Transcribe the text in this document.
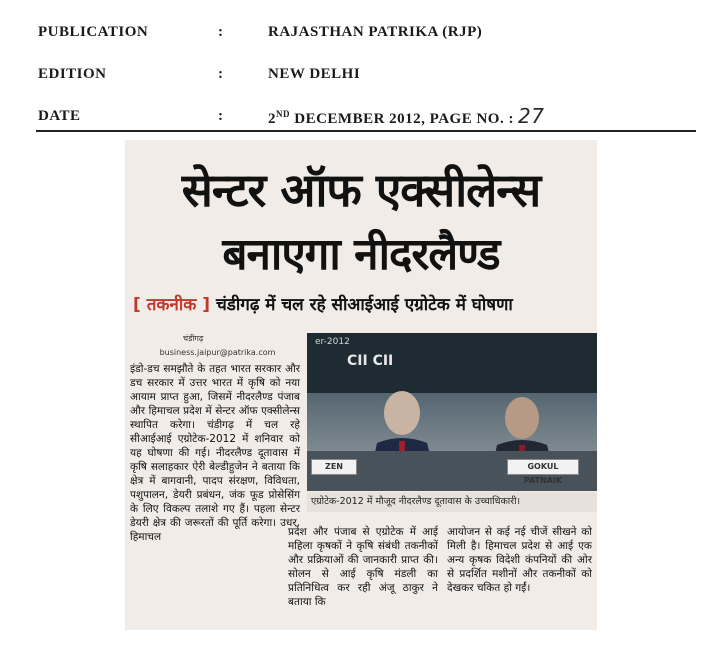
PUBLICATION	:	RAJASTHAN PATRIKA (RJP)
EDITION	:	NEW DELHI
DATE	:	2ND DECEMBER 2012, PAGE NO. : 27
सेन्टर ऑफ एक्सीलेन्स
बनाएगा नीदरलैण्ड
[ तकनीक ] चंडीगढ़ में चल रहे सीआईआई एग्रोटेक में घोषणा
चंडीगढ़
business.jaipur@patrika.com
इंडो-डच समझौते के तहत भारत सरकार और डच सरकार में उत्तर भारत में कृषि को नया आयाम प्राप्त हुआ, जिसमें नीदरलैण्ड पंजाब और हिमाचल प्रदेश में सेन्टर ऑफ एक्सीलेन्स स्थापित करेगा। चंडीगढ़ में चल रहे सीआईआई एग्रोटेक-2012 में शनिवार को यह घोषणा की गई। नीदरलैण्ड दूतावास में कृषि सलाहकार ऐरी बेल्डीहुजेन ने बताया कि क्षेत्र में बागवानी, पादप संरक्षण, विविधता, पशुपालन, डेयरी प्रबंधन, जंक फूड प्रोसेसिंग के लिए विकल्प तलाशे गए हैं। पहला सेन्टर डेयरी क्षेत्र की जरूरतों की पूर्ति करेगा। उधर, हिमाचल
er-2012
CII CII
ZEN	GOKUL PATNAIK
एग्रोटेक-2012 में मौजूद नीदरलैण्ड दूतावास के उच्चाधिकारी।
प्रदेश और पंजाब से एग्रोटेक में आई महिला कृषकों ने कृषि संबंधी तकनीकों और प्रक्रियाओं की जानकारी प्राप्त की। सोलन से आई कृषि मंडली का प्रतिनिधित्व कर रही अंजू ठाकुर ने बताया कि
आयोजन से कई नई चीजें सीखने को मिली है। हिमाचल प्रदेश से आई एक अन्य कृषक विदेशी कंपनियों की ओर से प्रदर्शित मशीनों और तकनीकों को देखकर चकित हो गईं।
